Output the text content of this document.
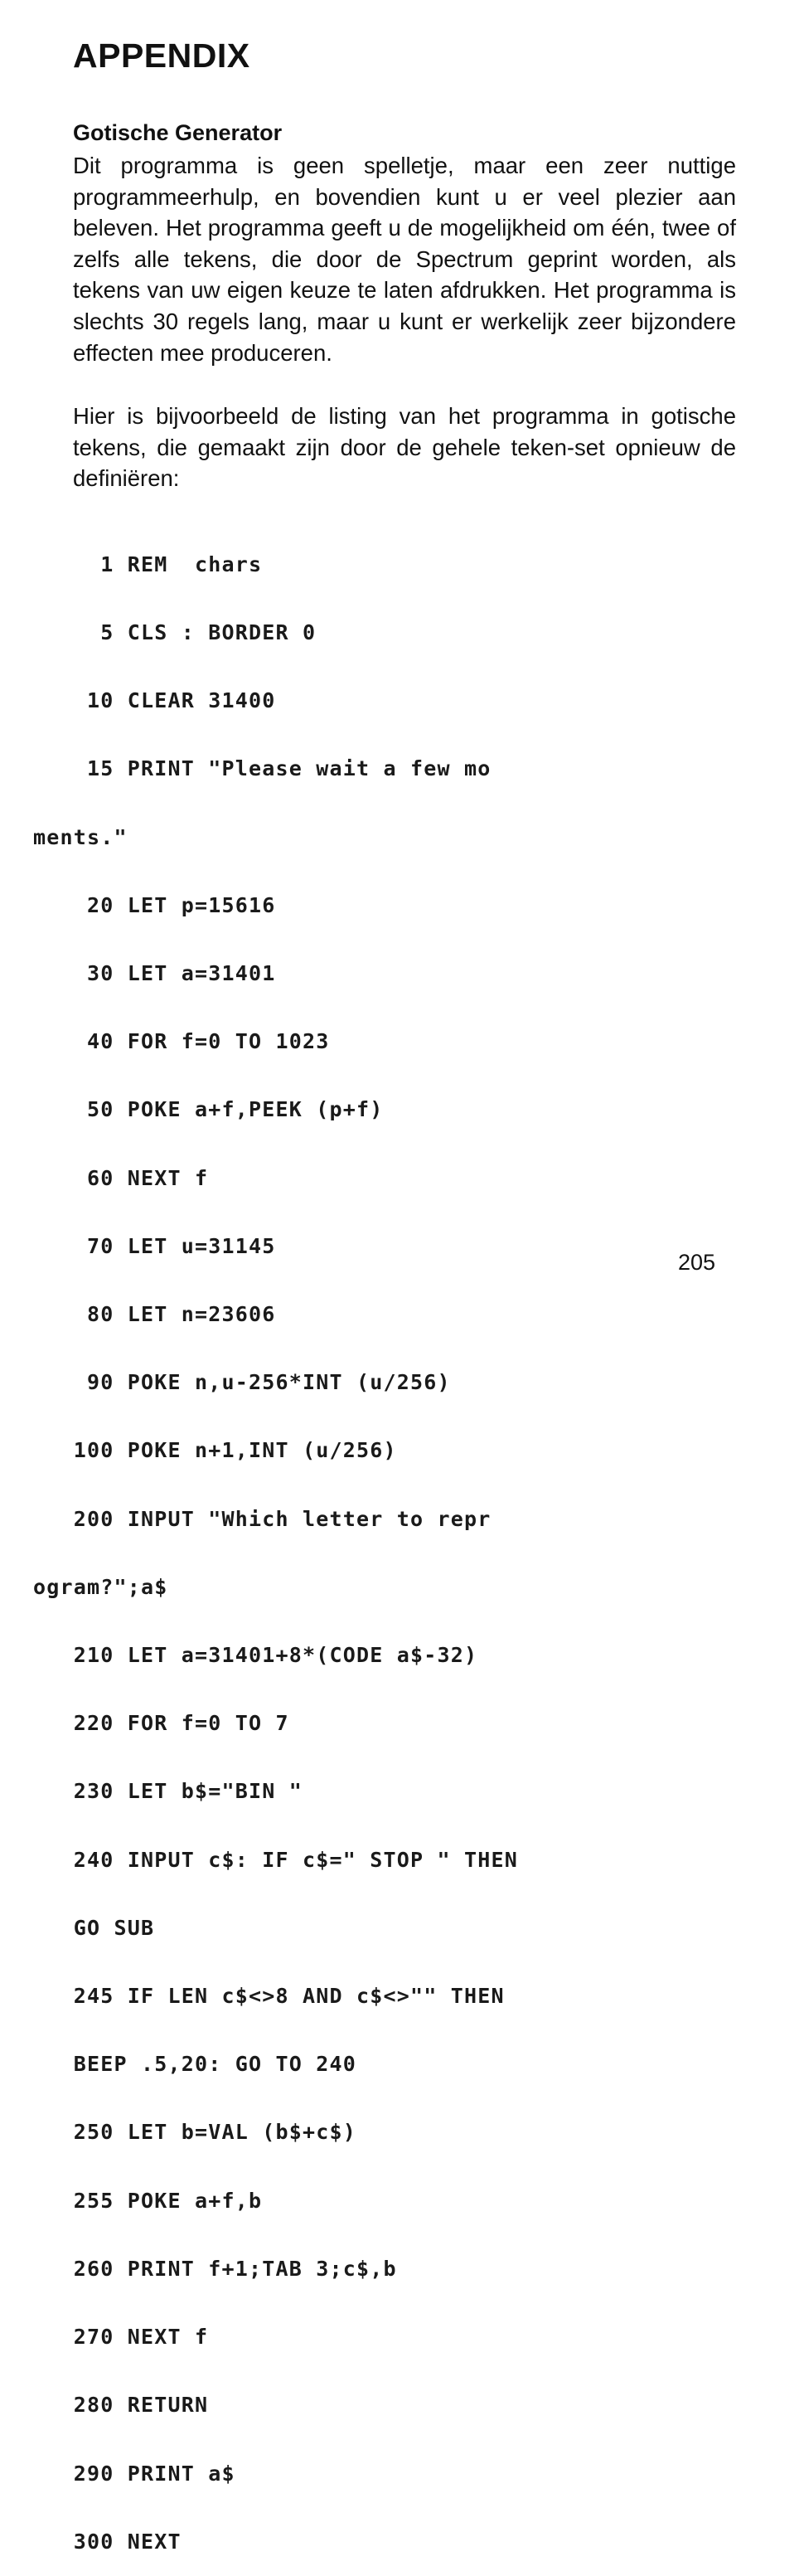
APPENDIX
Gotische Generator

Dit programma is geen spelletje, maar een zeer nuttige programmeerhulp, en bovendien kunt u er veel plezier aan beleven. Het programma geeft u de mogelijkheid om één, twee of zelfs alle tekens, die door de Spectrum geprint worden, als tekens van uw eigen keuze te laten afdrukken. Het programma is slechts 30 regels lang, maar u kunt er werkelijk zeer bijzondere effecten mee produceren.

Hier is bijvoorbeeld de listing van het programma in gotische tekens, die gemaakt zijn door de gehele teken-set opnieuw de definiëren:

1 REM  chars

5 CLS : BORDER 0

10 CLEAR 31400

15 PRINT "Please wait a few mo

ments."

20 LET p=15616

30 LET a=31401

40 FOR f=0 TO 1023

50 POKE a+f,PEEK (p+f)

60 NEXT f

70 LET u=31145

80 LET n=23606

90 POKE n,u-256*INT (u/256)

100 POKE n+1,INT (u/256)

200 INPUT "Which letter to repr

ogram?";a$

210 LET a=31401+8*(CODE a$-32)

220 FOR f=0 TO 7

230 LET b$="BIN "

240 INPUT c$: IF c$=" STOP " THEN

GO SUB

245 IF LEN c$<>8 AND c$<>"" THEN

BEEP .5,20: GO TO 240

250 LET b=VAL (b$+c$)

255 POKE a+f,b

260 PRINT f+1;TAB 3;c$,b

270 NEXT f

280 RETURN

290 PRINT a$

300 NEXT

205
